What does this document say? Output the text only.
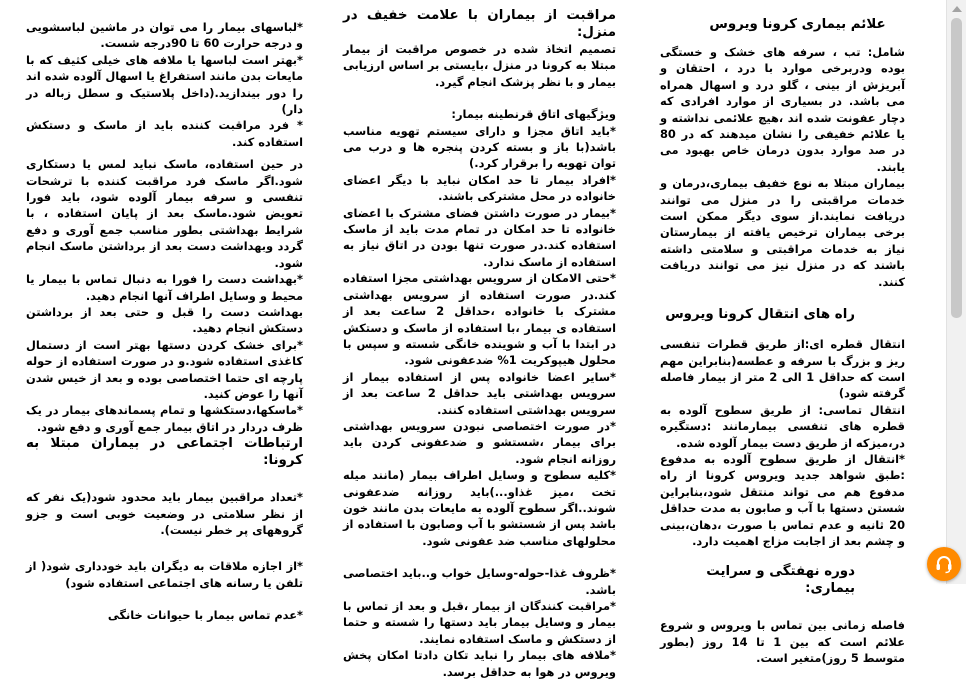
علائم بیماری کرونا ویروس

شامل: تب ، سرفه های خشک و خستگی بوده ودربرخی موارد با درد ، احتقان و آبریزش از بینی ، گلو درد و اسهال همراه می باشد. در بسیاری از موارد افرادی که دچار عفونت شده اند ،هیچ علائمی نداشته و یا علائم خفیفی را نشان میدهند که در 80 در صد موارد بدون درمان خاص بهبود می یابند.

بیماران مبتلا به نوع خفیف بیماری،درمان و خدمات مراقبتی را در منزل می توانند دریافت نمایند.از سوی دیگر ممکن است برخی بیماران ترخیص یافته از بیمارستان نیاز به خدمات مراقبتی و سلامتی داشته باشند که در منزل نیز می توانند دریافت کنند.

راه های انتقال کرونا ویروس

انتقال قطره ای:از طریق قطرات تنفسی ریز و بزرگ با سرفه و عطسه(بنابراین مهم است که حداقل 1 الی 2 متر از بیمار فاصله گرفته شود)

انتقال تماسی: از طریق سطوح آلوده به قطره های تنفسی بیمارمانند :دستگیره در،میزکه از طریق دست بیمار آلوده شده.

*انتقال از طریق سطوح آلوده به مدفوع :طبق شواهد جدید ویروس کرونا از راه مدفوع هم می تواند منتقل شود،بنابراین شستن دستها با آب و صابون به مدت حداقل 20 ثانیه و عدم تماس با صورت ،دهان،بینی و چشم بعد از اجابت مزاج اهمیت دارد.

دوره نهفتگی و سرایت بیماری:

فاصله زمانی بین تماس با ویروس و شروع علائم است که بین 1 تا 14 روز (بطور متوسط 5 روز)متغیر است.

مراقبت از بیماران با علامت خفیف در منزل:

تصمیم اتخاذ شده در خصوص مراقبت از بیمار مبتلا به کرونا در منزل ،بایستی بر اساس ارزیابی بیمار و با نظر پزشک انجام گیرد.

ویژگیهای اتاق قرنطینه بیمار:

*باید اتاق مجزا و دارای سیستم تهویه مناسب باشد(با باز و بسته کردن پنجره ها و درب می توان تهویه را برقرار کرد.)

*افراد بیمار تا حد امکان نباید با دیگر اعضای خانواده در محل مشترکی باشند.

*بیمار در صورت داشتن فضای مشترک با اعضای خانواده تا حد امکان در تمام مدت باید از ماسک استفاده کند.در صورت تنها بودن در اتاق نیاز به استفاده از ماسک ندارد.

*حتی الامکان از سرویس بهداشتی مجزا استفاده کند.در صورت استفاده از سرویس بهداشتی مشترک با خانواده ،حداقل 2 ساعت بعد از استفاده ی بیمار ،با استفاده از ماسک و دستکش در ابتدا با آب و شوینده خانگی شسته و سپس با محلول هیپوکریت 1% ضدعفونی شود.

*سایر اعضا خانواده پس از استفاده بیمار از سرویس بهداشتی باید حداقل 2 ساعت بعد از سرویس بهداشتی استفاده کنند.

*در صورت اختصاصی نبودن سرویس بهداشتی برای بیمار ،شستشو و ضدعفونی کردن باید روزانه انجام شود.

*کلیه سطوح و وسایل اطراف بیمار (مانند میله تخت ،میز غذاو...)باید روزانه ضدعفونی شوند..اگر سطوح آلوده به مایعات بدن مانند خون باشد پس از شستشو با آب وصابون با استفاده از محلولهای مناسب ضد عفونی شود.

*ظروف غذا-حوله-وسایل خواب و..باید اختصاصی باشد.

*مراقبت کنندگان از بیمار ،قبل و بعد از تماس با بیمار و وسایل بیمار باید دستها را شسته و حتما از دستکش و ماسک استفاده نمایند.

*ملافه های بیمار را نباید تکان دادتا امکان پخش ویروس در هوا به حداقل برسد.

*لباسهای بیمار را می توان در ماشین لباسشویی و درجه حرارت 60 تا 90درجه شست.

*بهتر است لباسها یا ملافه های خیلی کثیف که با مایعات بدن مانند استفراغ یا اسهال آلوده شده اند را دور بیندازید.(داخل پلاستیک و سطل زباله در دار)

* فرد مراقبت کننده باید از ماسک و دستکش استفاده کند.

در حین استفاده، ماسک نباید لمس یا دستکاری شود.اگر ماسک فرد مراقبت کننده با ترشحات تنفسی و سرفه بیمار آلوده شود، باید فورا تعویض شود.ماسک بعد از پایان استفاده ، با شرایط بهداشتی بطور مناسب جمع آوری و دفع گردد وبهداشت دست بعد از برداشتن ماسک انجام شود.

*بهداشت دست را فورا به دنبال تماس با بیمار یا محیط و وسایل اطراف آنها انجام دهید.

بهداشت دست را قبل و حتی بعد از برداشتن دستکش انجام دهید.

*برای خشک کردن دستها بهتر است از دستمال کاغذی استفاده شود.و در صورت استفاده از حوله پارچه ای حتما اختصاصی بوده و بعد از خیس شدن آنها را عوض کنید.

*ماسکها،دستکشها و تمام پسماندهای بیمار در یک ظرف دردار در اتاق بیمار جمع آوری و دفع شود.

ارتباطات اجتماعی در بیماران مبتلا به کرونا:

*تعداد مراقبین بیمار باید محدود شود(یک نفر که از نظر سلامتی در وضعیت خوبی است و جزو گروههای پر خطر نیست).

*از اجازه ملاقات به دیگران باید خودداری شود( از تلفن یا رسانه های اجتماعی استفاده شود)

*عدم تماس بیمار با حیوانات خانگی
